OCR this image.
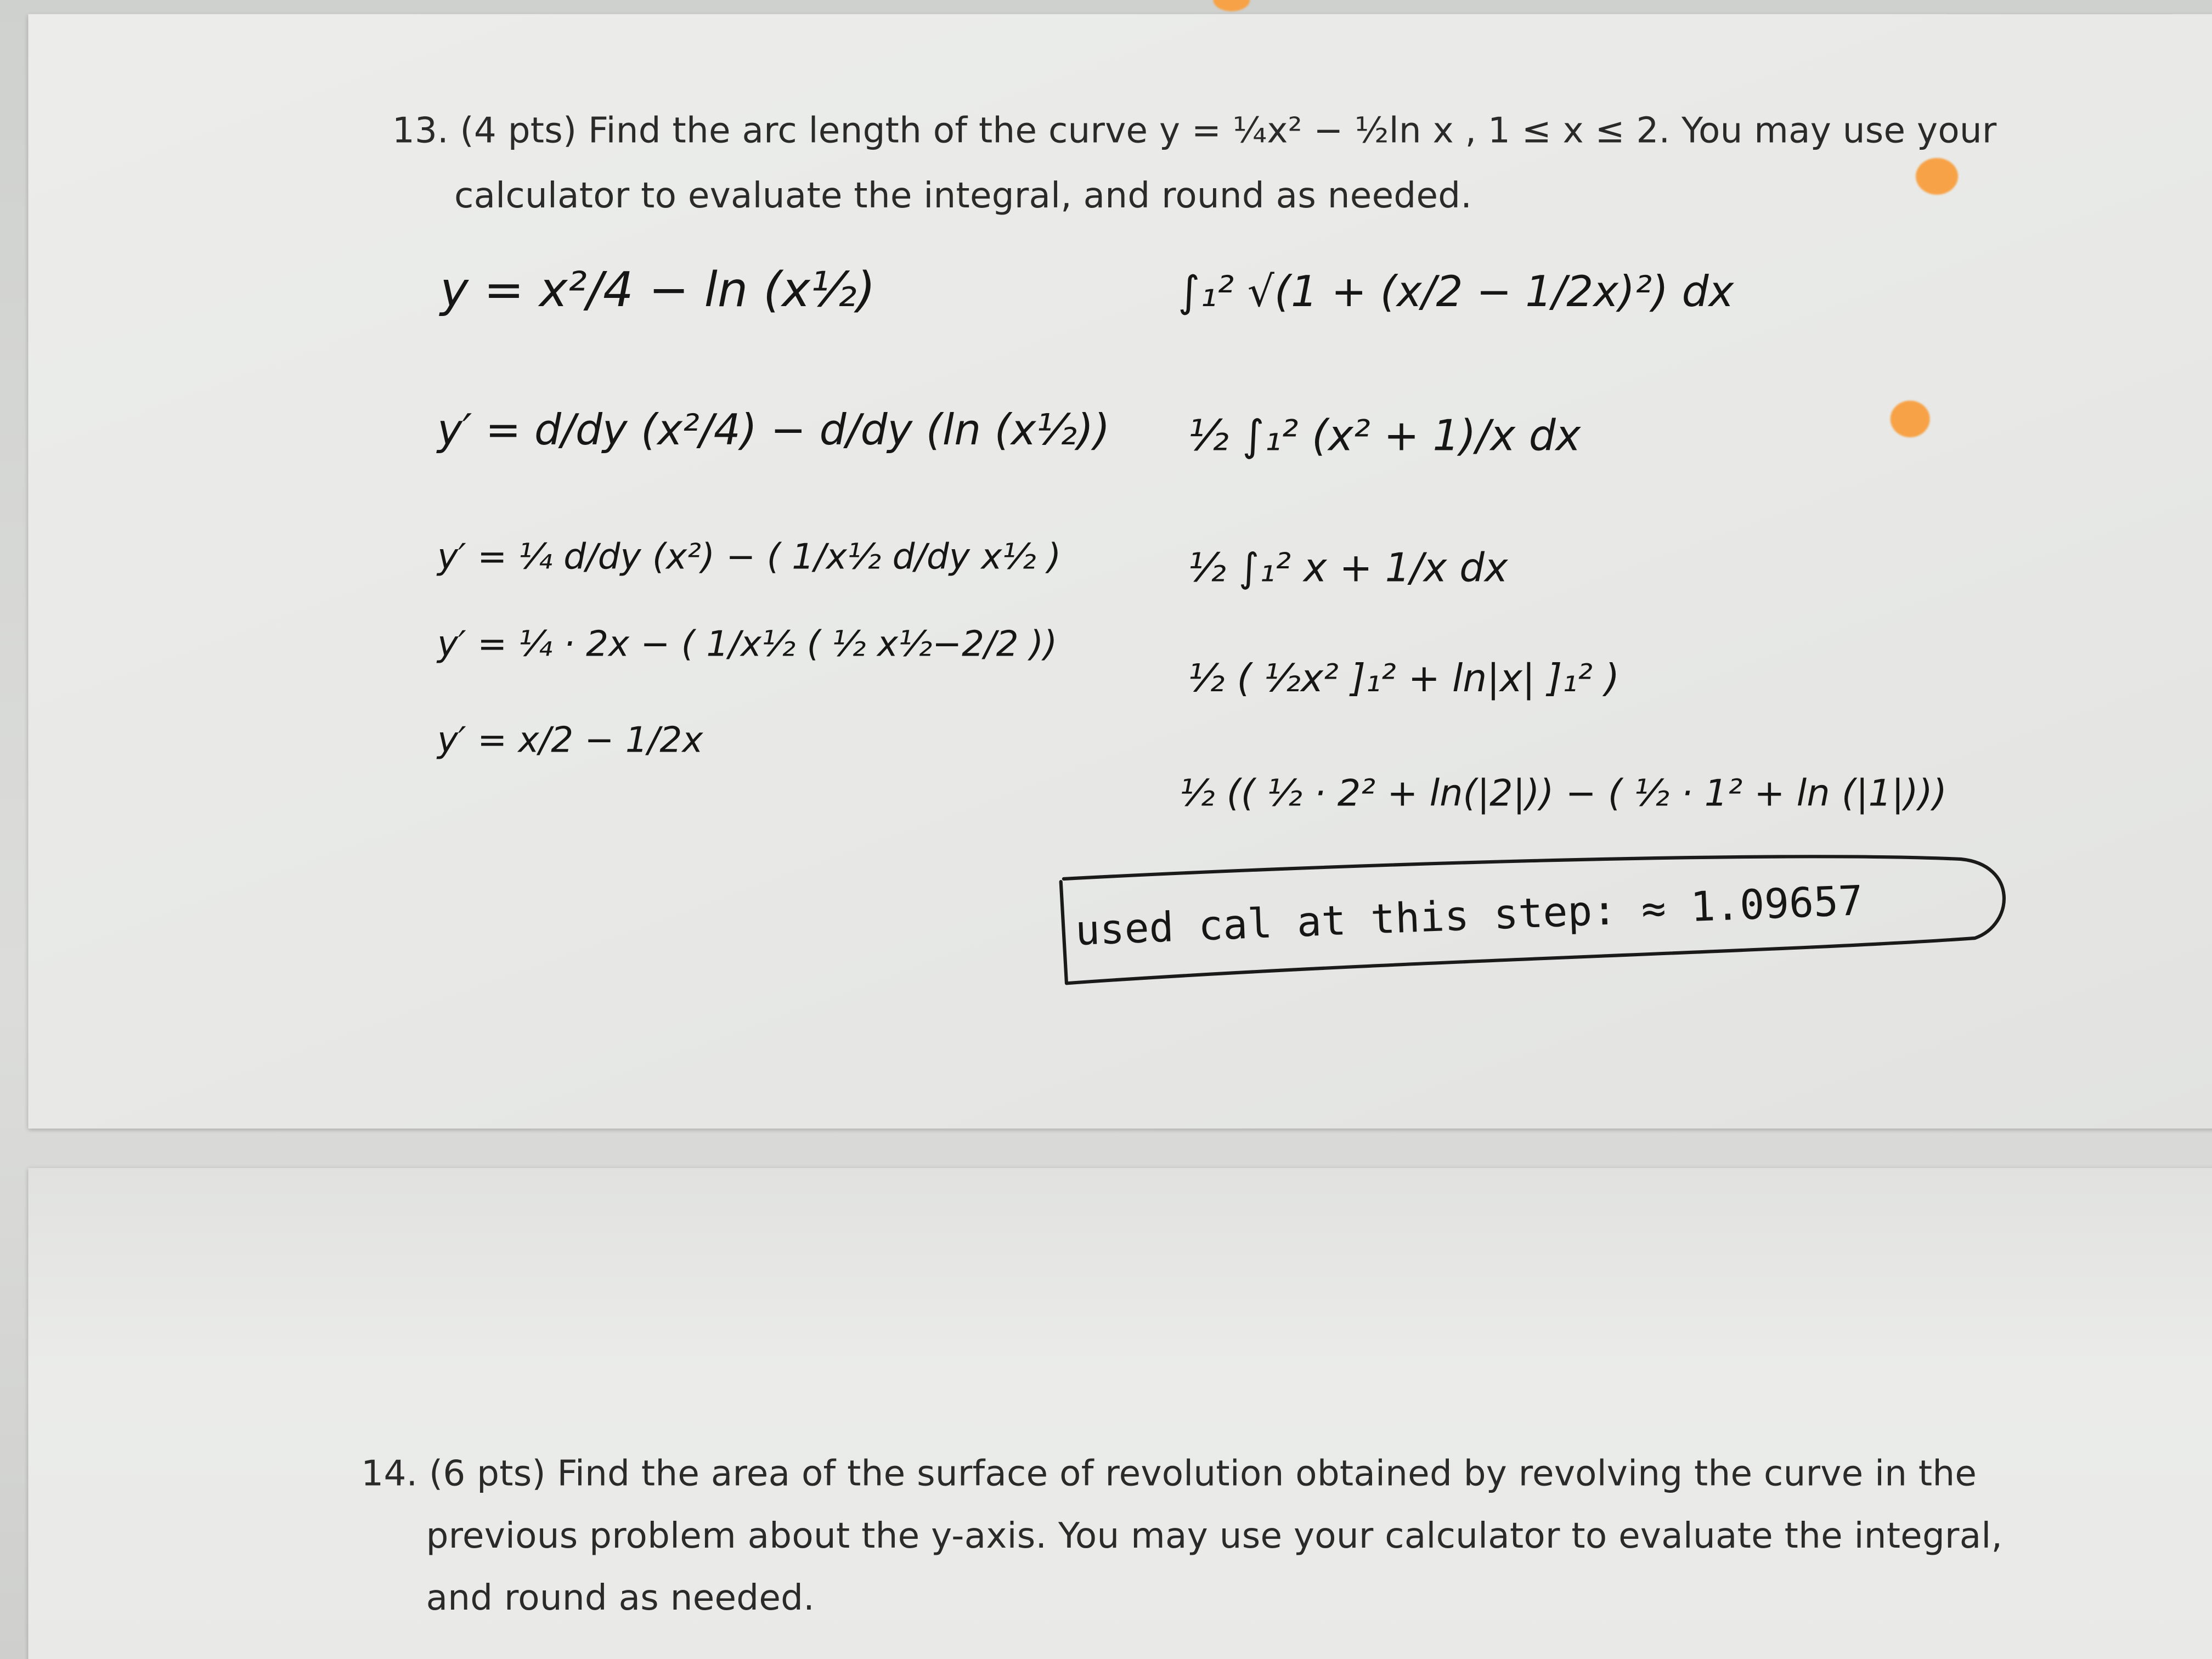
13. (4 pts) Find the arc length of the curve y = ¼x² − ½ln x , 1 ≤ x ≤ 2. You may use your
calculator to evaluate the integral, and round as needed.
y = x²/4 − ln (x½)
y′ = d/dy (x²/4) − d/dy (ln (x½))
y′ = ¼ d/dy (x²) − ( 1/x½ d/dy x½ )
y′ = ¼ · 2x − ( 1/x½ ( ½ x½−2/2 ))
y′ = x/2 − 1/2x
∫₁² √(1 + (x/2 − 1/2x)²) dx
½ ∫₁² (x² + 1)/x dx
½ ∫₁² x + 1/x dx
½ ( ½x² ]₁² + ln|x| ]₁² )
½ (( ½ · 2² + ln(|2|)) − ( ½ · 1² + ln (|1|)))
used cal at this step: ≈ 1.09657
14. (6 pts) Find the area of the surface of revolution obtained by revolving the curve in the
previous problem about the y-axis. You may use your calculator to evaluate the integral,
and round as needed.
